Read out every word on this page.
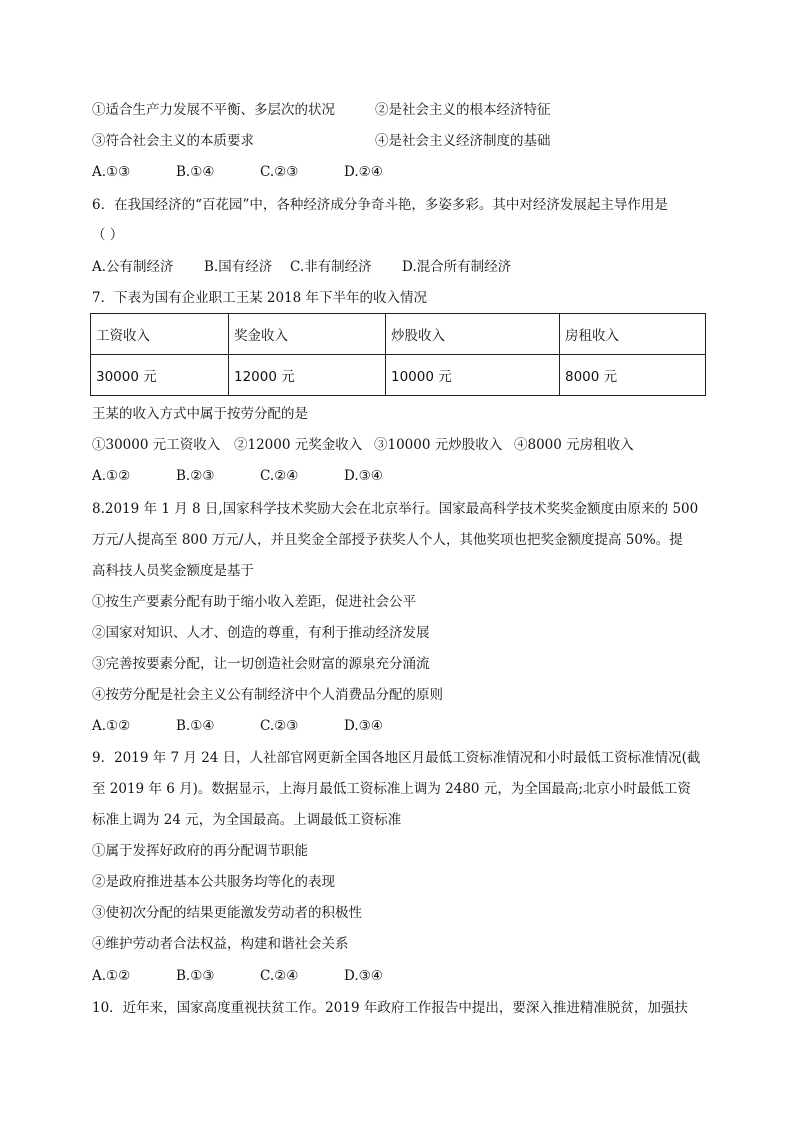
①适合生产力发展不平衡、多层次的状况	②是社会主义的根本经济特征
③符合社会主义的本质要求	④是社会主义经济制度的基础
A.①③	B.①④	C.②③	D.②④
6．在我国经济的“百花园”中，各种经济成分争奇斗艳，多姿多彩。其中对经济发展起主导作用是
（ ）
A.公有制经济 B.国有经济 C.非有制经济 D.混合所有制经济
7．下表为国有企业职工王某 2018 年下半年的收入情况
工资收入	奖金收入	炒股收入	房租收入
30000 元	12000 元	10000 元	8000 元
王某的收入方式中属于按劳分配的是
①30000 元工资收入 ②12000 元奖金收入 ③10000 元炒股收入 ④8000 元房租收入
A.①②	B.②③	C.②④	D.③④
8.2019 年 1 月 8 日,国家科学技术奖励大会在北京举行。国家最高科学技术奖奖金额度由原来的 500
万元/人提高至 800 万元/人，并且奖金全部授予获奖人个人，其他奖项也把奖金额度提高 50%。提
高科技人员奖金额度是基于
①按生产要素分配有助于缩小收入差距，促进社会公平
②国家对知识、人才、创造的尊重，有利于推动经济发展
③完善按要素分配，让一切创造社会财富的源泉充分涌流
④按劳分配是社会主义公有制经济中个人消费品分配的原则
A.①②	B.①④	C.②③	D.③④
9．2019 年 7 月 24 日，人社部官网更新全国各地区月最低工资标准情况和小时最低工资标准情况(截
至 2019 年 6 月)。数据显示，上海月最低工资标准上调为 2480 元，为全国最高;北京小时最低工资
标准上调为 24 元，为全国最高。上调最低工资标准
①属于发挥好政府的再分配调节职能
②是政府推进基本公共服务均等化的表现
③使初次分配的结果更能激发劳动者的积极性
④维护劳动者合法权益，构建和谐社会关系
A.①②	B.①③	C.②④	D.③④
10．近年来，国家高度重视扶贫工作。2019 年政府工作报告中提出，要深入推进精准脱贫，加强扶
